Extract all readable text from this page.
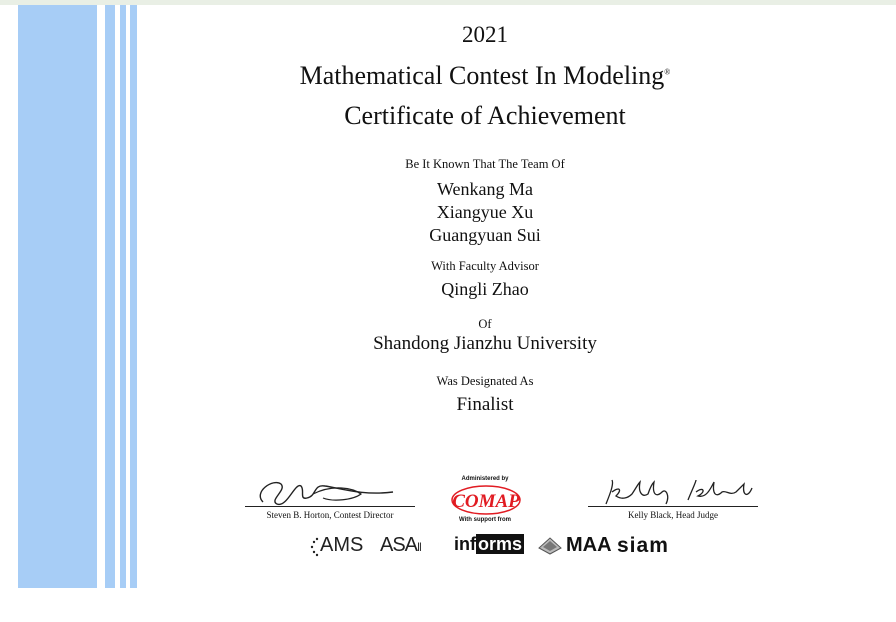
2021
Mathematical Contest In Modeling®
Certificate of Achievement
Be It Known That The Team Of
Wenkang Ma
Xiangyue Xu
Guangyuan Sui
With Faculty Advisor
Qingli Zhao
Of
Shandong Jianzhu University
Was Designated As
Finalist
Steven B. Horton, Contest Director	Kelly Black, Head Judge
Administered by
COMAP
With support from
AMS ASA‖ inf orms MAA siam
